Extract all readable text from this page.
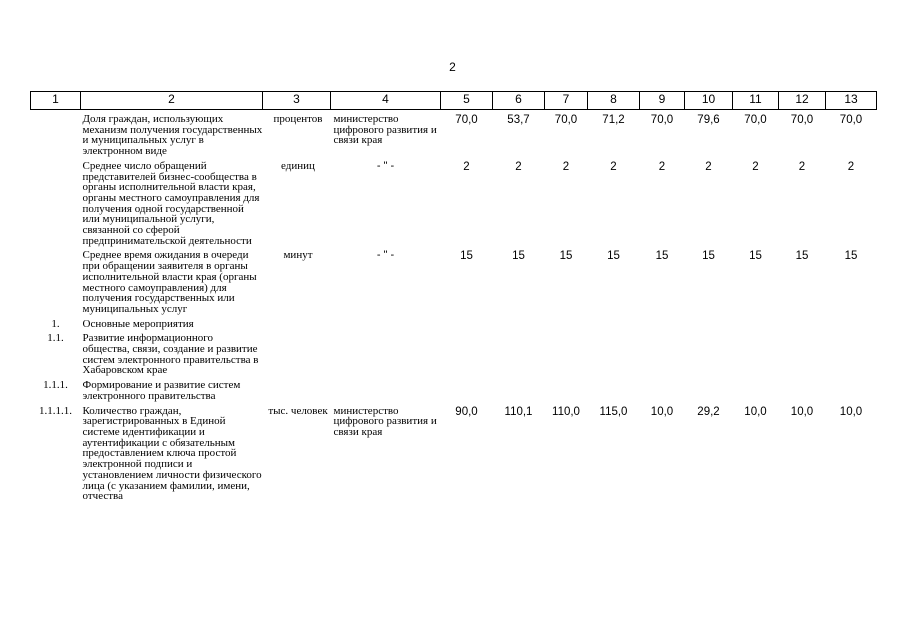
2
1	2	3	4	5	6	7	8	9	10	11	12	13
	Доля граждан, использующих механизм получения государственных и муниципальных услуг в электронном виде	процентов	министерство цифрового развития и связи края	70,0	53,7	70,0	71,2	70,0	79,6	70,0	70,0	70,0
	Среднее число обращений представителей бизнес-сообщества в органы исполнительной власти края, органы местного самоуправления для получения одной государственной или муниципальной услуги, связанной со сферой предпринимательской деятельности	единиц	- " -	2	2	2	2	2	2	2	2	2
	Среднее время ожидания в очереди при обращении заявителя в органы исполнительной власти края (органы местного самоуправления) для получения государственных или муниципальных услуг	минут	- " -	15	15	15	15	15	15	15	15	15
1.	Основные мероприятия											
1.1.	Развитие информационного общества, связи, создание и развитие систем электронного правительства в Хабаровском крае											
1.1.1.	Формирование и развитие систем электронного правительства											
1.1.1.1.	Количество граждан, зарегистрированных в Единой системе идентификации и аутентификации с обязательным предоставлением ключа простой электронной подписи и установлением личности физического лица (с указанием фамилии, имени, отчества	тыс. человек	министерство цифрового развития и связи края	90,0	110,1	110,0	115,0	10,0	29,2	10,0	10,0	10,0
